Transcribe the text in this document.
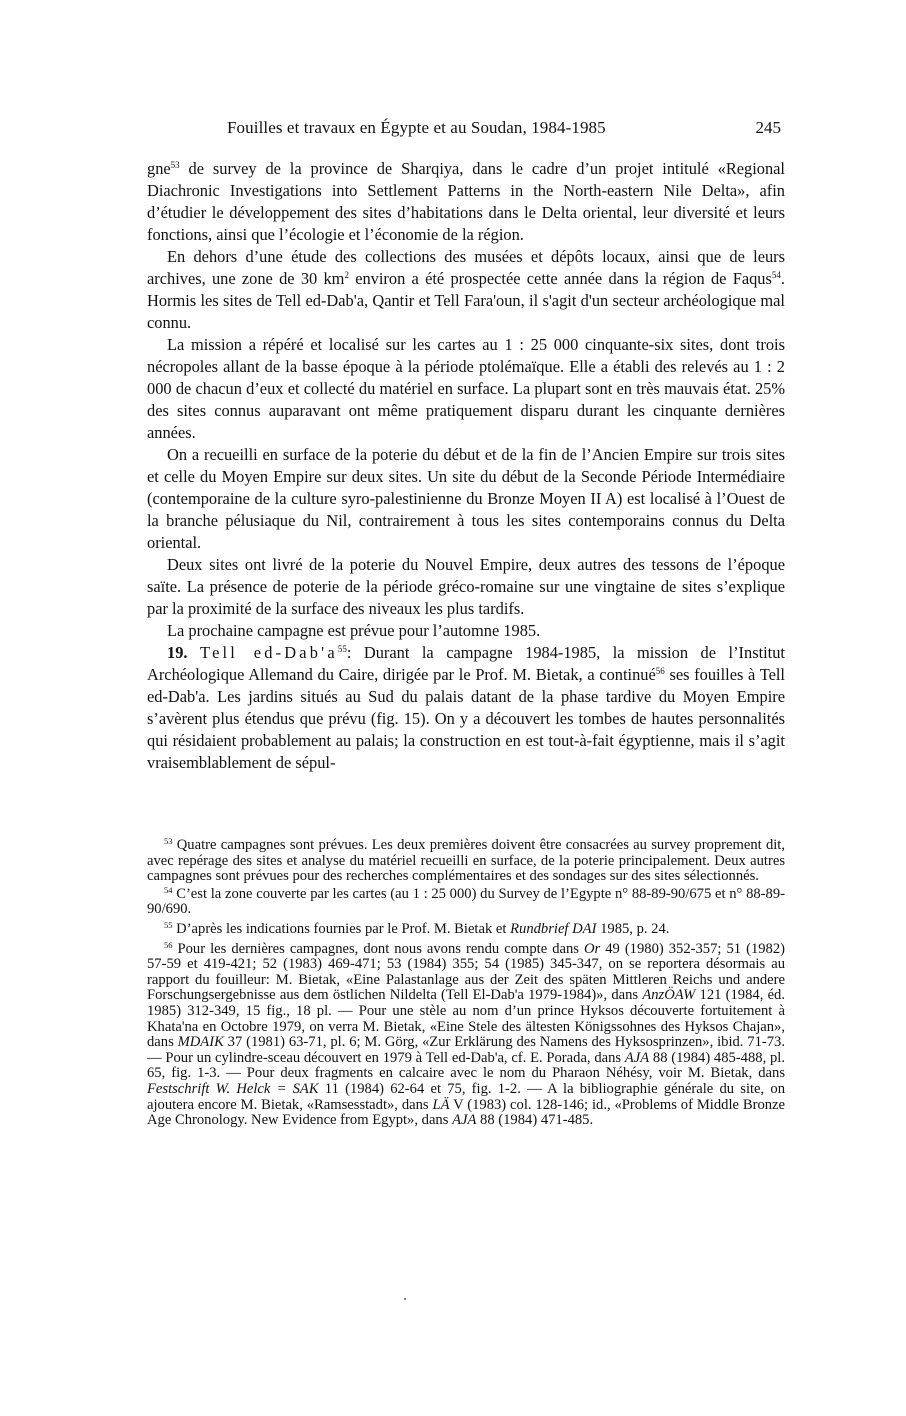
Fouilles et travaux en Égypte et au Soudan, 1984-1985	245

gne$^{53}$ de survey de la province de Sharqiya, dans le cadre d’un projet intitulé «Regional Diachronic Investigations into Settlement Patterns in the North-eastern Nile Delta», afin d’étudier le développement des sites d’habitations dans le Delta oriental, leur diversité et leurs fonctions, ainsi que l’écologie et l’économie de la région.

En dehors d’une étude des collections des musées et dépôts locaux, ainsi que de leurs archives, une zone de 30 $km^2$ environ a été prospectée cette année dans la région de Faqus$^{54}$. Hormis les sites de Tell ed-Dab'a, Qantir et Tell Fara'oun, il s'agit d'un secteur archéologique mal connu.

La mission a répéré et localisé sur les cartes au 1 : 25 000 cinquante-six sites, dont trois nécropoles allant de la basse époque à la période ptolémaïque. Elle a établi des relevés au 1 : 2 000 de chacun d’eux et collecté du matériel en surface. La plupart sont en très mauvais état. 25% des sites connus auparavant ont même pratiquement disparu durant les cinquante dernières années.

On a recueilli en surface de la poterie du début et de la fin de l’Ancien Empire sur trois sites et celle du Moyen Empire sur deux sites. Un site du début de la Seconde Période Intermédiaire (contemporaine de la culture syro-palestinienne du Bronze Moyen II A) est localisé à l’Ouest de la branche pélusiaque du Nil, contrairement à tous les sites contemporains connus du Delta oriental.

Deux sites ont livré de la poterie du Nouvel Empire, deux autres des tessons de l’époque saïte. La présence de poterie de la période gréco-romaine sur une vingtaine de sites s’explique par la proximité de la surface des niveaux les plus tardifs.

La prochaine campagne est prévue pour l’automne 1985.

19. Tell $ed-Dab'a^{55}$: Durant la campagne 1984-1985, la mission de l’Institut Archéologique Allemand du Caire, dirigée par le Prof. M. Bietak, a continué$^{56}$ ses fouilles à Tell ed-Dab'a. Les jardins situés au Sud du palais datant de la phase tardive du Moyen Empire s’avèrent plus étendus que prévu (fig. 15). On y a découvert les tombes de hautes personnalités qui résidaient probablement au palais; la construction en est tout-à-fait égyptienne, mais il s’agit vraisemblablement de sépul-

$^{53}$ Quatre campagnes sont prévues. Les deux premières doivent être consacrées au survey proprement dit, avec repérage des sites et analyse du matériel recueilli en surface, de la poterie principalement. Deux autres campagnes sont prévues pour des recherches complémentaires et des sondages sur des sites sélectionnés.

$^{54}$ C’est la zone couverte par les cartes (au 1 : 25 000) du Survey de l’Egypte n° 88-89-90/675 et n° 88-89-90/690.

$^{55}$ D’après les indications fournies par le Prof. M. Bietak et Rundbrief DAI 1985, p. 24.

$^{56}$ Pour les dernières campagnes, dont nous avons rendu compte dans Or 49 (1980) 352-357; 51 (1982) 57-59 et 419-421; 52 (1983) 469-471; 53 (1984) 355; 54 (1985) 345-347, on se reportera désormais au rapport du fouilleur: M. Bietak, «Eine Palastanlage aus der Zeit des späten Mittleren Reichs und andere Forschungsergebnisse aus dem östlichen Nildelta (Tell El-Dab'a 1979-1984)», dans AnzÖAW 121 (1984, éd. 1985) 312-349, 15 fig., 18 pl. — Pour une stèle au nom d’un prince Hyksos découverte fortuitement à Khata'na en Octobre 1979, on verra M. Bietak, «Eine Stele des ältesten Königssohnes des Hyksos Chajan», dans MDAIK 37 (1981) 63-71, pl. 6; M. Görg, «Zur Erklärung des Namens des Hyksosprinzen», ibid. 71-73. — Pour un cylindre-sceau découvert en 1979 à Tell ed-Dab'a, cf. E. Porada, dans AJA 88 (1984) 485-488, pl. 65, fig. 1-3. — Pour deux fragments en calcaire avec le nom du Pharaon Néhésy, voir M. Bietak, dans Festschrift W. Helck = SAK 11 (1984) 62-64 et 75, fig. 1-2. — A la bibliographie générale du site, on ajoutera encore M. Bietak, «Ramsesstadt», dans LÄ V (1983) col. 128-146; id., «Problems of Middle Bronze Age Chronology. New Evidence from Egypt», dans AJA 88 (1984) 471-485.
